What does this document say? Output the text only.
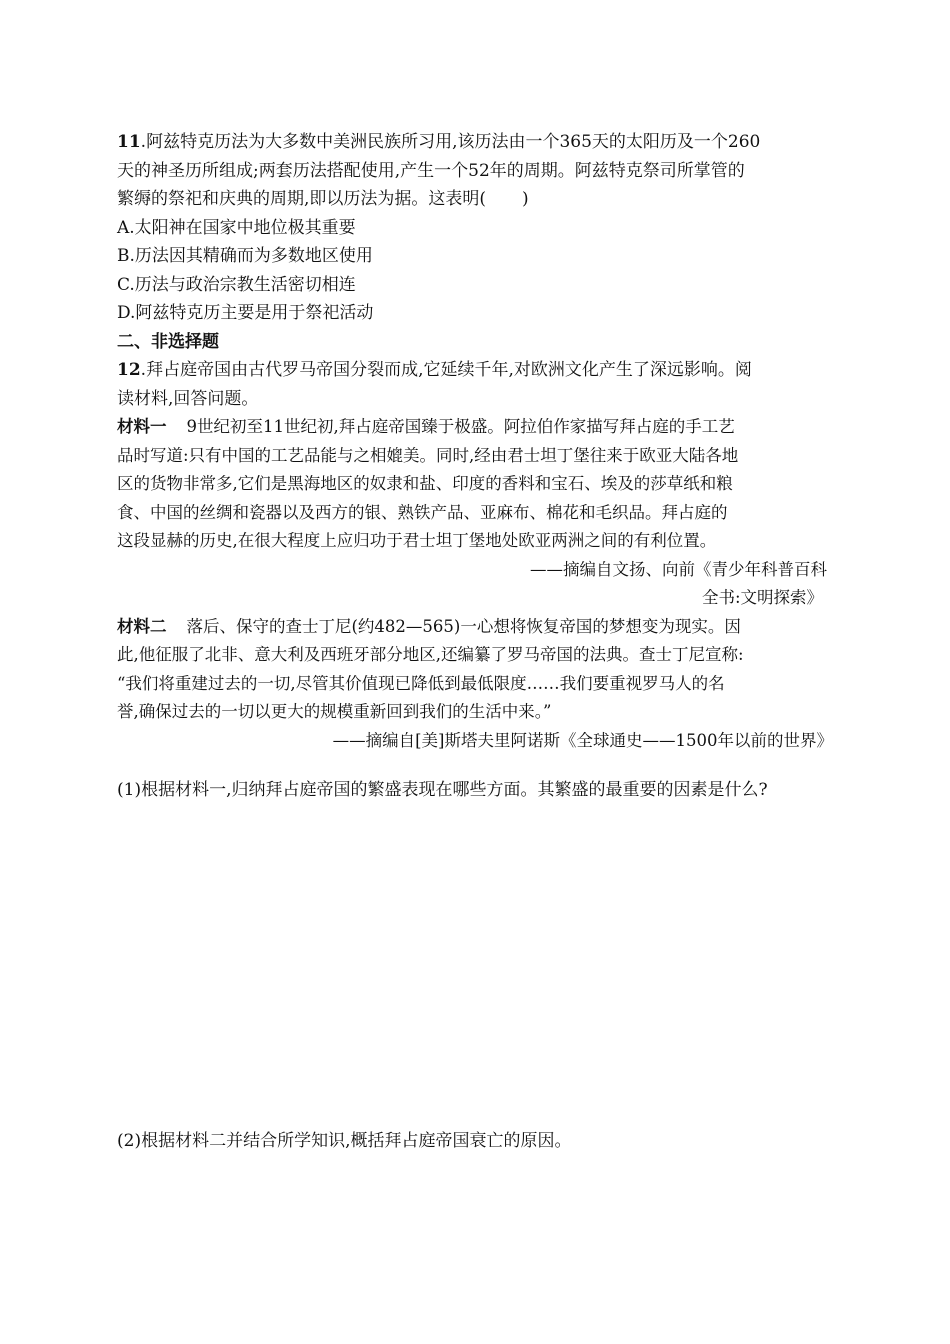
11.阿兹特克历法为大多数中美洲民族所习用,该历法由一个365天的太阳历及一个260
天的神圣历所组成;两套历法搭配使用,产生一个52年的周期。阿兹特克祭司所掌管的
繁缛的祭祀和庆典的周期,即以历法为据。这表明( )
A.太阳神在国家中地位极其重要
B.历法因其精确而为多数地区使用
C.历法与政治宗教生活密切相连
D.阿兹特克历主要是用于祭祀活动
二、非选择题
12.拜占庭帝国由古代罗马帝国分裂而成,它延续千年,对欧洲文化产生了深远影响。阅
读材料,回答问题。
材料一 9世纪初至11世纪初,拜占庭帝国臻于极盛。阿拉伯作家描写拜占庭的手工艺
品时写道:只有中国的工艺品能与之相媲美。同时,经由君士坦丁堡往来于欧亚大陆各地
区的货物非常多,它们是黑海地区的奴隶和盐、印度的香料和宝石、埃及的莎草纸和粮
食、中国的丝绸和瓷器以及西方的银、熟铁产品、亚麻布、棉花和毛织品。拜占庭的
这段显赫的历史,在很大程度上应归功于君士坦丁堡地处欧亚两洲之间的有利位置。
——摘编自文扬、向前《青少年科普百科
全书:文明探索》
材料二 落后、保守的查士丁尼(约482—565)一心想将恢复帝国的梦想变为现实。因
此,他征服了北非、意大利及西班牙部分地区,还编纂了罗马帝国的法典。查士丁尼宣称:
“我们将重建过去的一切,尽管其价值现已降低到最低限度……我们要重视罗马人的名
誉,确保过去的一切以更大的规模重新回到我们的生活中来。”
——摘编自[美]斯塔夫里阿诺斯《全球通史——1500年以前的世界》
(1)根据材料一,归纳拜占庭帝国的繁盛表现在哪些方面。其繁盛的最重要的因素是什么?
(2)根据材料二并结合所学知识,概括拜占庭帝国衰亡的原因。
